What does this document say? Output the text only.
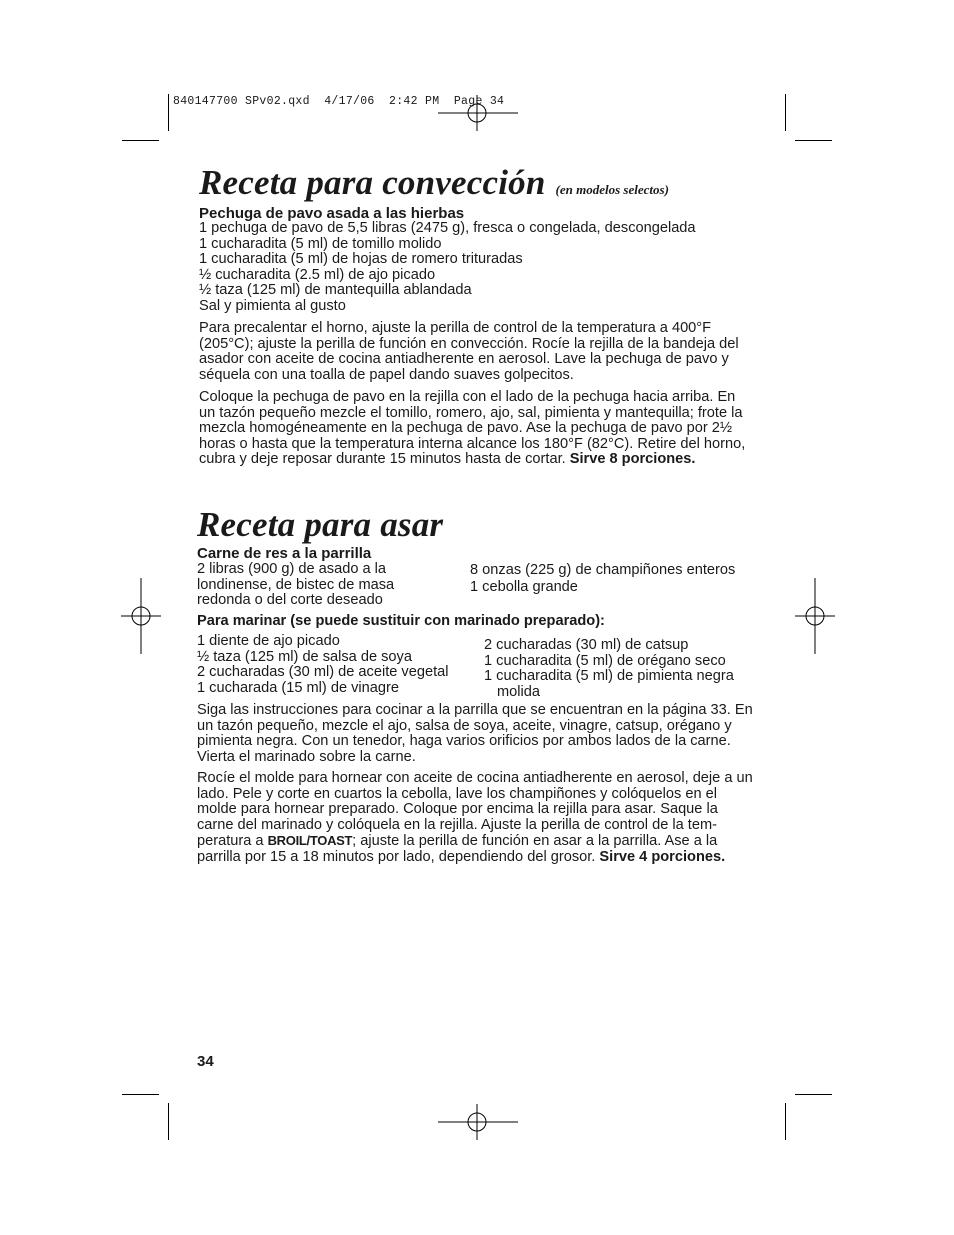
840147700 SPv02.qxd  4/17/06  2:42 PM  Page 34
Receta para convección (en modelos selectos)
Pechuga de pavo asada a las hierbas
1 pechuga de pavo de 5,5 libras (2475 g), fresca o congelada, descongelada
1 cucharadita (5 ml) de tomillo molido
1 cucharadita (5 ml) de hojas de romero trituradas
½ cucharadita (2.5 ml) de ajo picado
½ taza (125 ml) de mantequilla ablandada
Sal y pimienta al gusto

Para precalentar el horno, ajuste la perilla de control de la temperatura a 400°F (205°C); ajuste la perilla de función en convección. Rocíe la rejilla de la bandeja del asador con aceite de cocina antiadherente en aerosol. Lave la pechuga de pavo y séquela con una toalla de papel dando suaves golpecitos.

Coloque la pechuga de pavo en la rejilla con el lado de la pechuga hacia arriba. En un tazón pequeño mezcle el tomillo, romero, ajo, sal, pimienta y mantequilla; frote la mezcla homogéneamente en la pechuga de pavo. Ase la pechuga de pavo por 2½ horas o hasta que la temperatura interna alcance los 180°F (82°C). Retire del horno, cubra y deje reposar durante 15 minutos hasta de cortar. Sirve 8 porciones.

Receta para asar
Carne de res a la parrilla
2 libras (900 g) de asado a la
londinense, de bistec de masa
redonda o del corte deseado
8 onzas (225 g) de champiñones enteros
1 cebolla grande
Para marinar (se puede sustituir con marinado preparado):
1 diente de ajo picado
½ taza (125 ml) de salsa de soya
2 cucharadas (30 ml) de aceite vegetal
1 cucharada (15 ml) de vinagre
2 cucharadas (30 ml) de catsup
1 cucharadita (5 ml) de orégano seco
1 cucharadita (5 ml) de pimienta negra
molida

Siga las instrucciones para cocinar a la parrilla que se encuentran en la página 33. En un tazón pequeño, mezcle el ajo, salsa de soya, aceite, vinagre, catsup, orégano y pimienta negra. Con un tenedor, haga varios orificios por ambos lados de la carne. Vierta el marinado sobre la carne.

Rocíe el molde para hornear con aceite de cocina antiadherente en aerosol, deje a un lado. Pele y corte en cuartos la cebolla, lave los champiñones y colóquelos en el molde para hornear preparado. Coloque por encima la rejilla para asar. Saque la carne del marinado y colóquela en la rejilla. Ajuste la perilla de control de la temperatura a BROIL/TOAST; ajuste la perilla de función en asar a la parrilla. Ase a la parrilla por 15 a 18 minutos por lado, dependiendo del grosor. Sirve 4 porciones.

34
